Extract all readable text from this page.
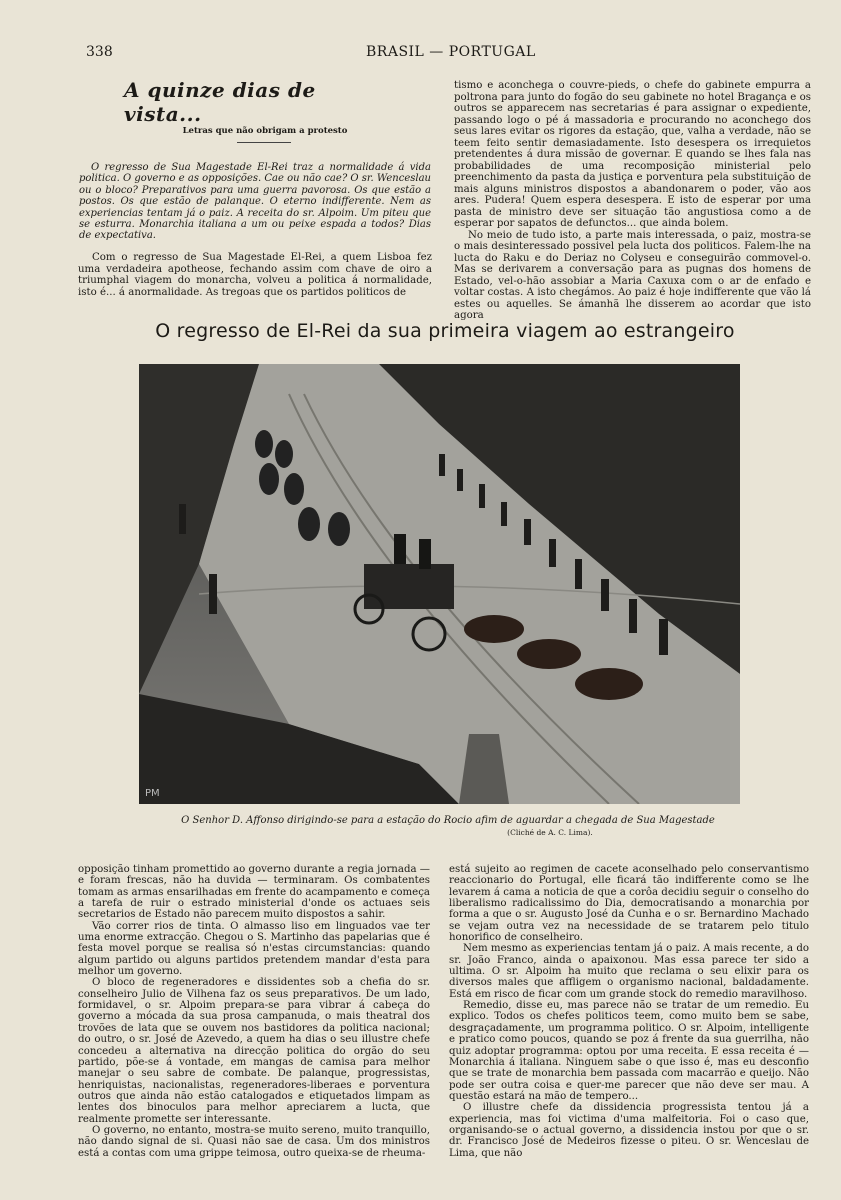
338	BRASIL — PORTUGAL
A quinze dias de vista...
Letras que não obrigam a protesto

O regresso de Sua Magestade El-Rei traz a normalidade á vida politica. O governo e as opposições. Cae ou não cae? O sr. Wenceslau ou o bloco? Preparativos para uma guerra pavorosa. Os que estão a postos. Os que estão de palanque. O eterno indifferente. Nem as experiencias tentam já o paiz. A receita do sr. Alpoim. Um piteu que se esturra. Monarchia italiana a um ou peixe espada a todos? Dias de expectativa.

Com o regresso de Sua Magestade El-Rei, a quem Lisboa fez uma verdadeira apotheose, fechando assim com chave de oiro a triumphal viagem do monarcha, volveu a politica á normalidade, isto é... á anormalidade. As tregoas que os partidos politicos de

tismo e aconchega o couvre-pieds, o chefe do gabinete empurra a poltrona para junto do fogão do seu gabinete no hotel Bragança e os outros se apparecem nas secretarias é para assignar o expediente, passando logo o pé á massadoria e procurando no aconchego dos seus lares evitar os rigores da estação, que, valha a verdade, não se teem feito sentir demasiadamente. Isto desespera os irrequietos pretendentes á dura missão de governar. E quando se lhes fala nas probabilidades de uma recomposição ministerial pelo preenchimento da pasta da justiça e porventura pela substituição de mais alguns ministros dispostos a abandonarem o poder, vão aos ares. Pudera! Quem espera desespera. E isto de esperar por uma pasta de ministro deve ser situação tão angustiosa como a de esperar por sapatos de defunctos... que ainda bolem.

No meio de tudo isto, a parte mais interessada, o paiz, mostra-se o mais desinteressado possivel pela lucta dos politicos. Falem-lhe na lucta do Raku e do Deriaz no Colyseu e conseguirão commovel-o. Mas se derivarem a conversação para as pugnas dos homens de Estado, vel-o-hão assobiar a Maria Caxuxa com o ar de enfado e voltar costas. A isto chegámos. Ao paiz é hoje indifferente que vão lá estes ou aquelles. Se ámanhã lhe disserem ao acordar que isto agora

O regresso de El-Rei da sua primeira viagem ao estrangeiro
PM
O Senhor D. Affonso dirigindo-se para a estação do Rocio afim de aguardar a chegada de Sua Magestade
(Cliché de A. C. Lima).

opposição tinham promettido ao governo durante a regia jornada — e foram frescas, não ha duvida — terminaram. Os combatentes tomam as armas ensarilhadas em frente do acampamento e começa a tarefa de ruir o estrado ministerial d'onde os actuaes seis secretarios de Estado não parecem muito dispostos a sahir.

Vão correr rios de tinta. O almasso liso em linguados vae ter uma enorme extracção. Chegou o S. Martinho das papelarias que é festa movel porque se realisa só n'estas circumstancias: quando algum partido ou alguns partidos pretendem mandar d'esta para melhor um governo.

O bloco de regeneradores e dissidentes sob a chefia do sr. conselheiro Julio de Vilhena faz os seus preparativos. De um lado, formidavel, o sr. Alpoim prepara-se para vibrar á cabeça do governo a mócada da sua prosa campanuda, o mais theatral dos trovões de lata que se ouvem nos bastidores da politica nacional; do outro, o sr. José de Azevedo, a quem ha dias o seu illustre chefe concedeu a alternativa na direcção politica do orgão do seu partido, põe-se á vontade, em mangas de camisa para melhor manejar o seu sabre de combate. De palanque, progressistas, henriquistas, nacionalistas, regeneradores-liberaes e porventura outros que ainda não estão catalogados e etiquetados limpam as lentes dos binoculos para melhor apreciarem a lucta, que realmente promette ser interessante.

O governo, no entanto, mostra-se muito sereno, muito tranquillo, não dando signal de si. Quasi não sae de casa. Um dos ministros está a contas com uma grippe teimosa, outro queixa-se de rheuma-

está sujeito ao regimen de cacete aconselhado pelo conservantismo reaccionario do Portugal, elle ficará tão indifferente como se lhe levarem á cama a noticia de que a corôa decidiu seguir o conselho do liberalismo radicalissimo do Dia, democratisando a monarchia por forma a que o sr. Augusto José da Cunha e o sr. Bernardino Machado se vejam outra vez na necessidade de se tratarem pelo titulo honorifico de conselheiro.

Nem mesmo as experiencias tentam já o paiz. A mais recente, a do sr. João Franco, ainda o apaixonou. Mas essa parece ter sido a ultima. O sr. Alpoim ha muito que reclama o seu elixir para os diversos males que affligem o organismo nacional, baldadamente. Está em risco de ficar com um grande stock do remedio maravilhoso.

Remedio, disse eu, mas parece não se tratar de um remedio. Eu explico. Todos os chefes politicos teem, como muito bem se sabe, desgraçadamente, um programma politico. O sr. Alpoim, intelligente e pratico como poucos, quando se poz á frente da sua guerrilha, não quiz adoptar programma: optou por uma receita. E essa receita é — Monarchia á italiana. Ninguem sabe o que isso é, mas eu desconfio que se trate de monarchia bem passada com macarrão e queijo. Não pode ser outra coisa e quer-me parecer que não deve ser mau. A questão estará na mão de tempero...

O illustre chefe da dissidencia progressista tentou já a experiencia, mas foi victima d'uma malfeitoria. Foi o caso que, organisando-se o actual governo, a dissidencia instou por que o sr. dr. Francisco José de Medeiros fizesse o piteu. O sr. Wenceslau de Lima, que não
